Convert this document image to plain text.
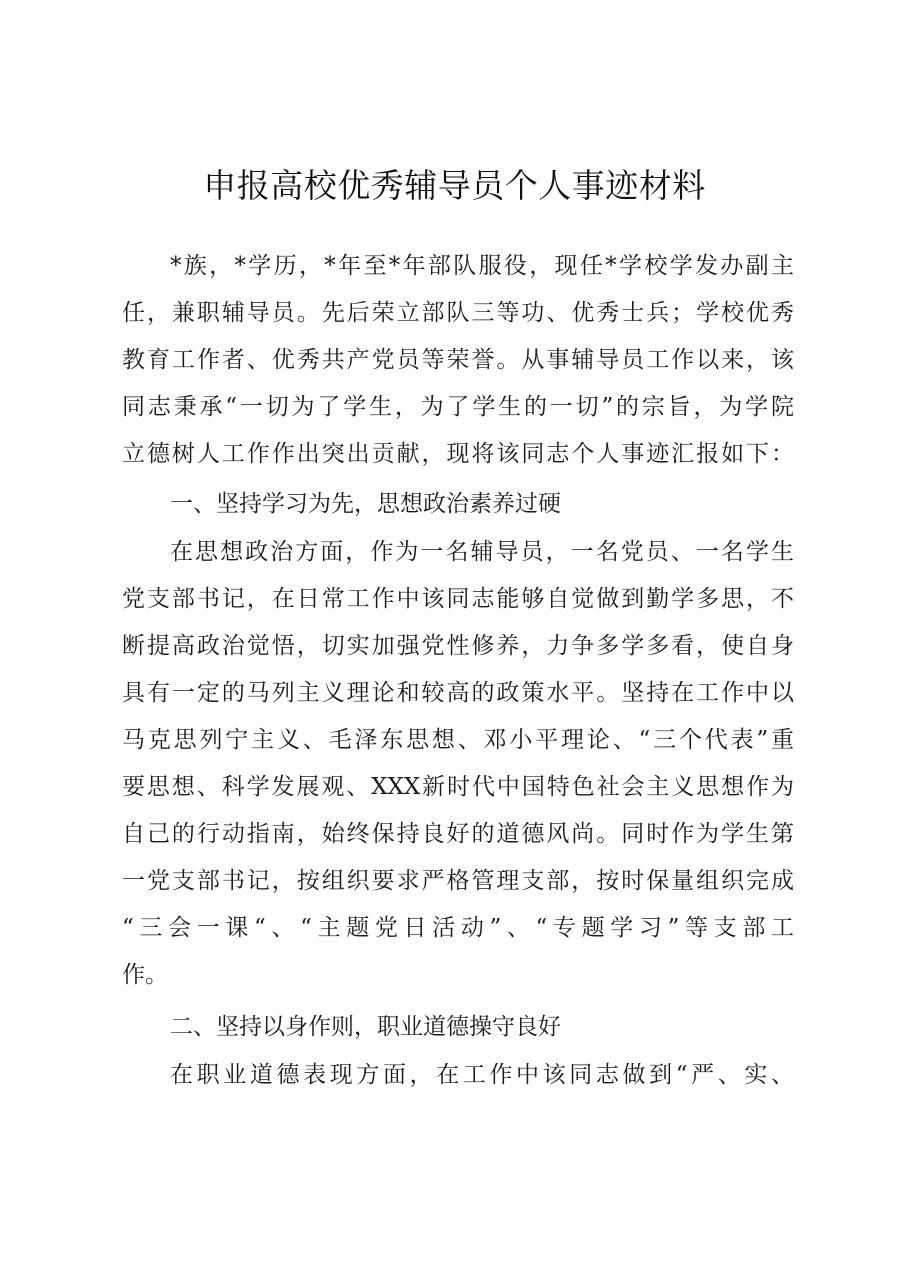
申报高校优秀辅导员个人事迹材料
*族，*学历，*年至*年部队服役，现任*学校学发办副主
任，兼职辅导员。先后荣立部队三等功、优秀士兵；学校优秀
教育工作者、优秀共产党员等荣誉。从事辅导员工作以来，该
同志秉承“一切为了学生，为了学生的一切”的宗旨，为学院
立德树人工作作出突出贡献，现将该同志个人事迹汇报如下：
一、坚持学习为先，思想政治素养过硬
在思想政治方面，作为一名辅导员，一名党员、一名学生
党支部书记，在日常工作中该同志能够自觉做到勤学多思，不
断提高政治觉悟，切实加强党性修养，力争多学多看，使自身
具有一定的马列主义理论和较高的政策水平。坚持在工作中以
马克思列宁主义、毛泽东思想、邓小平理论、“三个代表”重
要思想、科学发展观、XXX新时代中国特色社会主义思想作为
自己的行动指南，始终保持良好的道德风尚。同时作为学生第
一党支部书记，按组织要求严格管理支部，按时保量组织完成
“三会一课“、“主题党日活动”、“专题学习”等支部工
作。
二、坚持以身作则，职业道德操守良好
在职业道德表现方面，在工作中该同志做到“严、实、
